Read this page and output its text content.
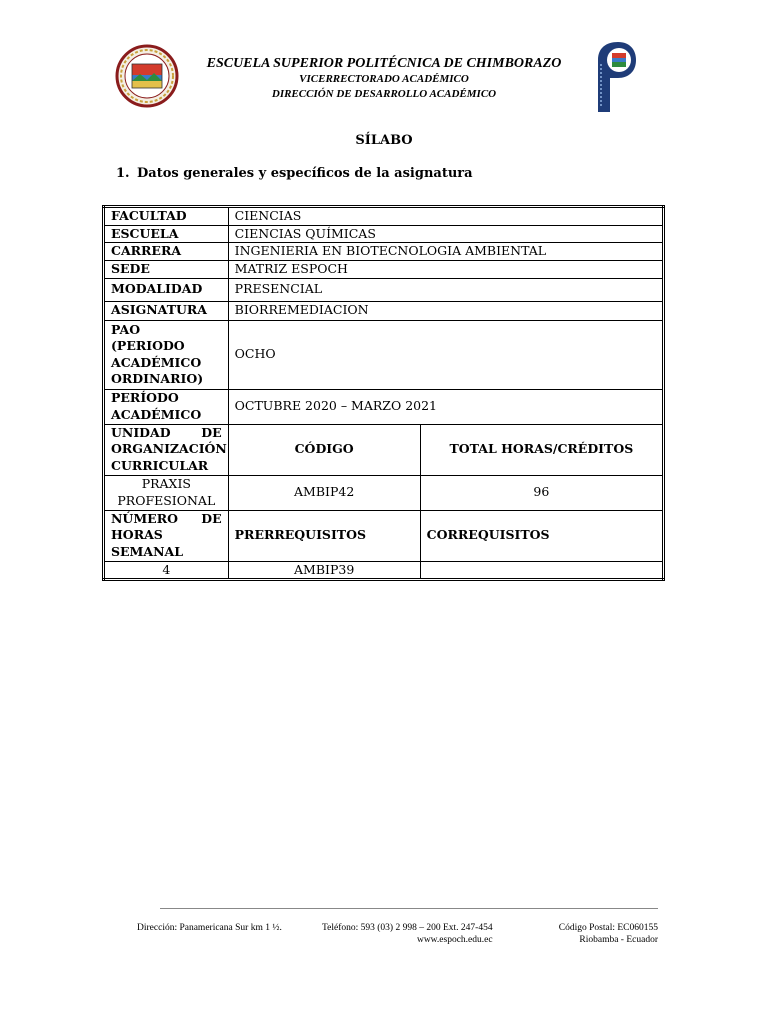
ESCUELA SUPERIOR POLITÉCNICA DE CHIMBORAZO
VICERRECTORADO ACADÉMICO
DIRECCIÓN DE DESARROLLO ACADÉMICO
SÍLABO
1. Datos generales y específicos de la asignatura
FACULTAD	CIENCIAS	
ESCUELA	CIENCIAS QUÍMICAS	
CARRERA	INGENIERIA EN BIOTECNOLOGIA AMBIENTAL	
SEDE	MATRIZ ESPOCH	
MODALIDAD	PRESENCIAL	
ASIGNATURA	BIORREMEDIACION	

PAO
(PERIODO
ACADÉMICO
ORDINARIO)	OCHO	

PERÍODO
ACADÉMICO	OCTUBRE 2020 – MARZO 2021	

UNIDAD DE
ORGANIZACIÓN
CURRICULAR	CÓDIGO	TOTAL HORAS/CRÉDITOS

PRAXIS
PROFESIONAL	AMBIP42	96

NÚMERO DE
HORAS
SEMANAL	PRERREQUISITOS	CORREQUISITOS
4	AMBIP39	
Dirección: Panamericana Sur km 1 ½.	Teléfono: 593 (03) 2 998 – 200 Ext. 247-454
www.espoch.edu.ec
Código Postal: EC060155
Riobamba - Ecuador
